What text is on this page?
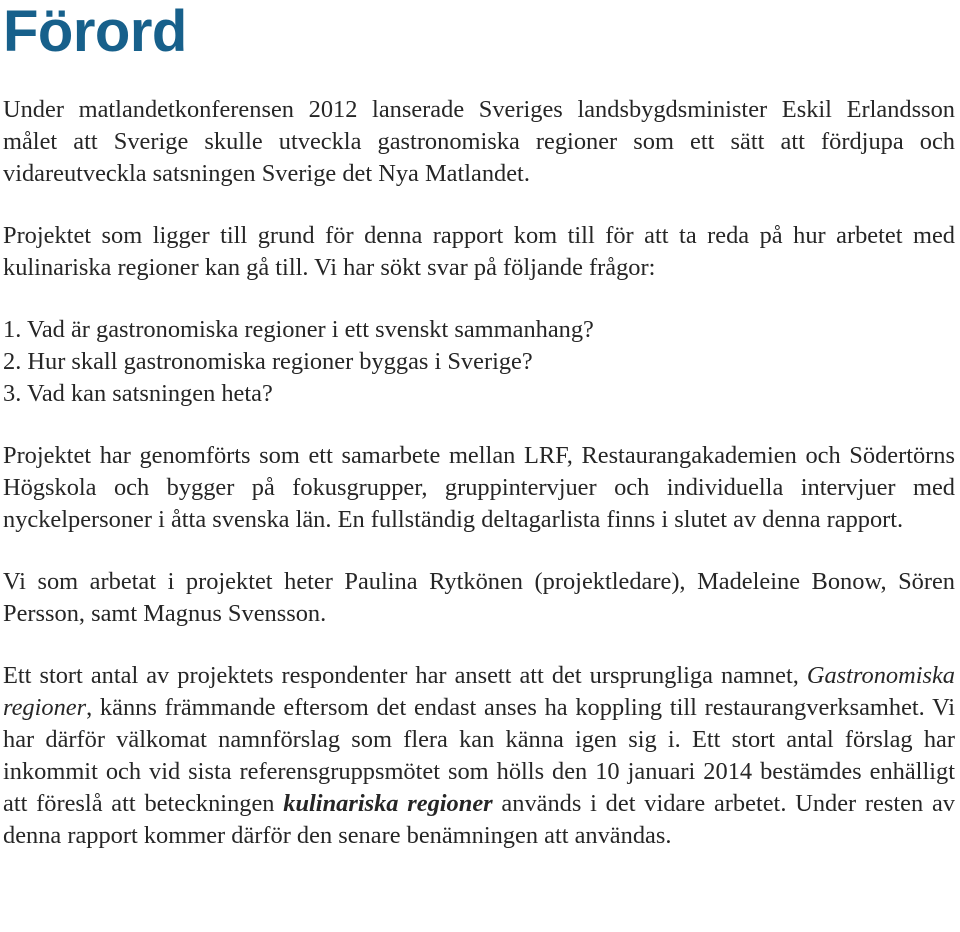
Förord

Under matlandetkonferensen 2012 lanserade Sveriges landsbygdsminister Eskil Erlandsson målet att Sverige skulle utveckla gastronomiska regioner som ett sätt att fördjupa och vidareutveckla satsningen Sverige det Nya Matlandet.

Projektet som ligger till grund för denna rapport kom till för att ta reda på hur arbetet med kulinariska regioner kan gå till. Vi har sökt svar på följande frågor:

1. Vad är gastronomiska regioner i ett svenskt sammanhang?
2. Hur skall gastronomiska regioner byggas i Sverige?
3. Vad kan satsningen heta?

Projektet har genomförts som ett samarbete mellan LRF, Restaurangakademien och Södertörns Högskola och bygger på fokusgrupper, gruppintervjuer och individuella intervjuer med nyckelpersoner i åtta svenska län. En fullständig deltagarlista finns i slutet av denna rapport.

Vi som arbetat i projektet heter Paulina Rytkönen (projektledare), Madeleine Bonow, Sören Persson, samt Magnus Svensson.

Ett stort antal av projektets respondenter har ansett att det ursprungliga namnet, Gastronomiska regioner, känns främmande eftersom det endast anses ha koppling till restaurangverksamhet. Vi har därför välkomat namnförslag som flera kan känna igen sig i. Ett stort antal förslag har inkommit och vid sista referensgruppsmötet som hölls den 10 januari 2014 bestämdes enhälligt att föreslå att beteckningen kulinariska regioner används i det vidare arbetet. Under resten av denna rapport kommer därför den senare benämningen att användas.
